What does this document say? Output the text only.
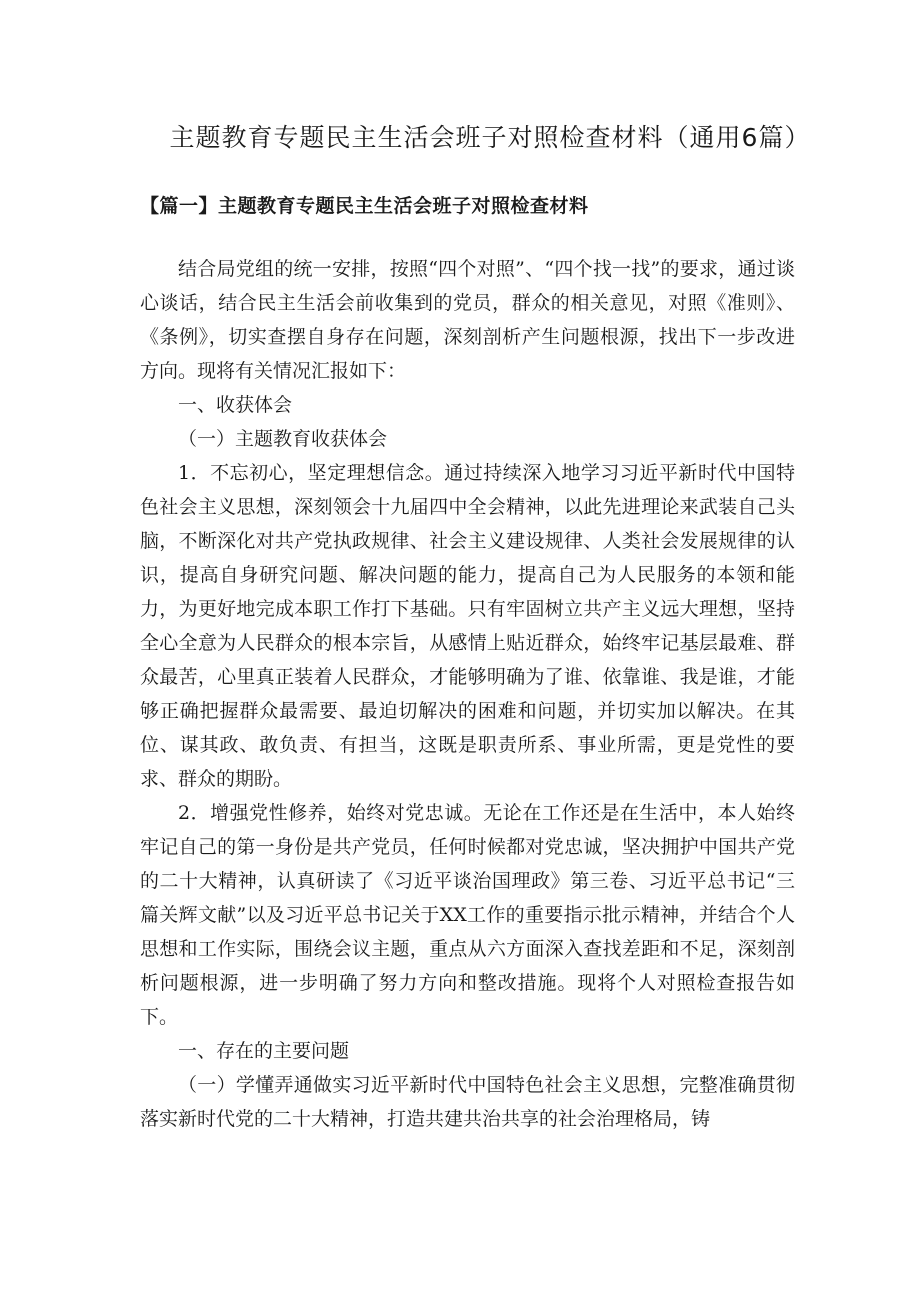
主题教育专题民主生活会班子对照检查材料（通用6篇）
【篇一】主题教育专题民主生活会班子对照检查材料

结合局党组的统一安排，按照“四个对照”、“四个找一找”的要求，通过谈心谈话，结合民主生活会前收集到的党员，群众的相关意见，对照《准则》、《条例》，切实查摆自身存在问题，深刻剖析产生问题根源，找出下一步改进方向。现将有关情况汇报如下：

一、收获体会

（一）主题教育收获体会

1．不忘初心，坚定理想信念。通过持续深入地学习习近平新时代中国特色社会主义思想，深刻领会十九届四中全会精神，以此先进理论来武装自己头脑，不断深化对共产党执政规律、社会主义建设规律、人类社会发展规律的认识，提高自身研究问题、解决问题的能力，提高自己为人民服务的本领和能力，为更好地完成本职工作打下基础。只有牢固树立共产主义远大理想，坚持全心全意为人民群众的根本宗旨，从感情上贴近群众，始终牢记基层最难、群众最苦，心里真正装着人民群众，才能够明确为了谁、依靠谁、我是谁，才能够正确把握群众最需要、最迫切解决的困难和问题，并切实加以解决。在其位、谋其政、敢负责、有担当，这既是职责所系、事业所需，更是党性的要求、群众的期盼。

2．增强党性修养，始终对党忠诚。无论在工作还是在生活中，本人始终牢记自己的第一身份是共产党员，任何时候都对党忠诚，坚决拥护中国共产党的二十大精神，认真研读了《习近平谈治国理政》第三卷、习近平总书记“三篇关辉文献”以及习近平总书记关于XX工作的重要指示批示精神，并结合个人思想和工作实际，围绕会议主题，重点从六方面深入查找差距和不足，深刻剖析问题根源，进一步明确了努力方向和整改措施。现将个人对照检查报告如下。

一、存在的主要问题

（一）学懂弄通做实习近平新时代中国特色社会主义思想，完整准确贯彻落实新时代党的二十大精神，打造共建共治共享的社会治理格局，铸
